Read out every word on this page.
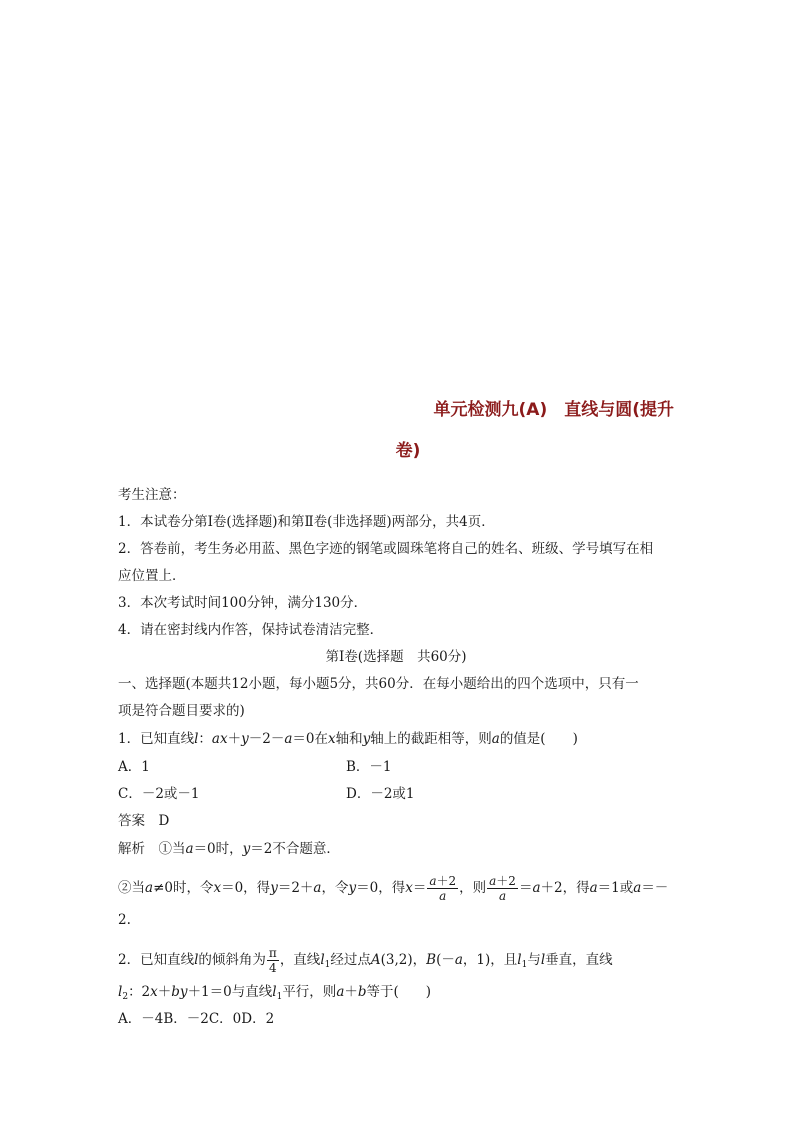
单元检测九(A)　直线与圆(提升
卷)
考生注意：
1．本试卷分第Ⅰ卷(选择题)和第Ⅱ卷(非选择题)两部分，共4页．
2．答卷前，考生务必用蓝、黑色字迹的钢笔或圆珠笔将自己的姓名、班级、学号填写在相
应位置上．
3．本次考试时间100分钟，满分130分．
4．请在密封线内作答，保持试卷清洁完整．
第Ⅰ卷(选择题　共60分)
一、选择题(本题共12小题，每小题5分，共60分．在每小题给出的四个选项中，只有一
项是符合题目要求的)
1．已知直线l：ax＋y－2－a＝0在x轴和y轴上的截距相等，则a的值是(　　)
A．1	B．－1
C．－2或－1	D．－2或1
答案　D
解析　①当a＝0时，y＝2不合题意．
②当a≠0时，令x＝0，得y＝2＋a，令y＝0，得$x= \frac{a+2}{a}$ ，则 $\frac{a+2}{a} =a+2$，得a＝1或a＝－
2.
2．已知直线l的倾斜角为 $\frac{\pi}{4}$ ，直线$l_1$经过点A(3,2)，B(－a，1)，且$l_1$与l垂直，直线
$l_2$：2x＋by＋1＝0与直线$l_1$平行，则a＋b等于(　　)
A．－4B．－2C．0D．2
